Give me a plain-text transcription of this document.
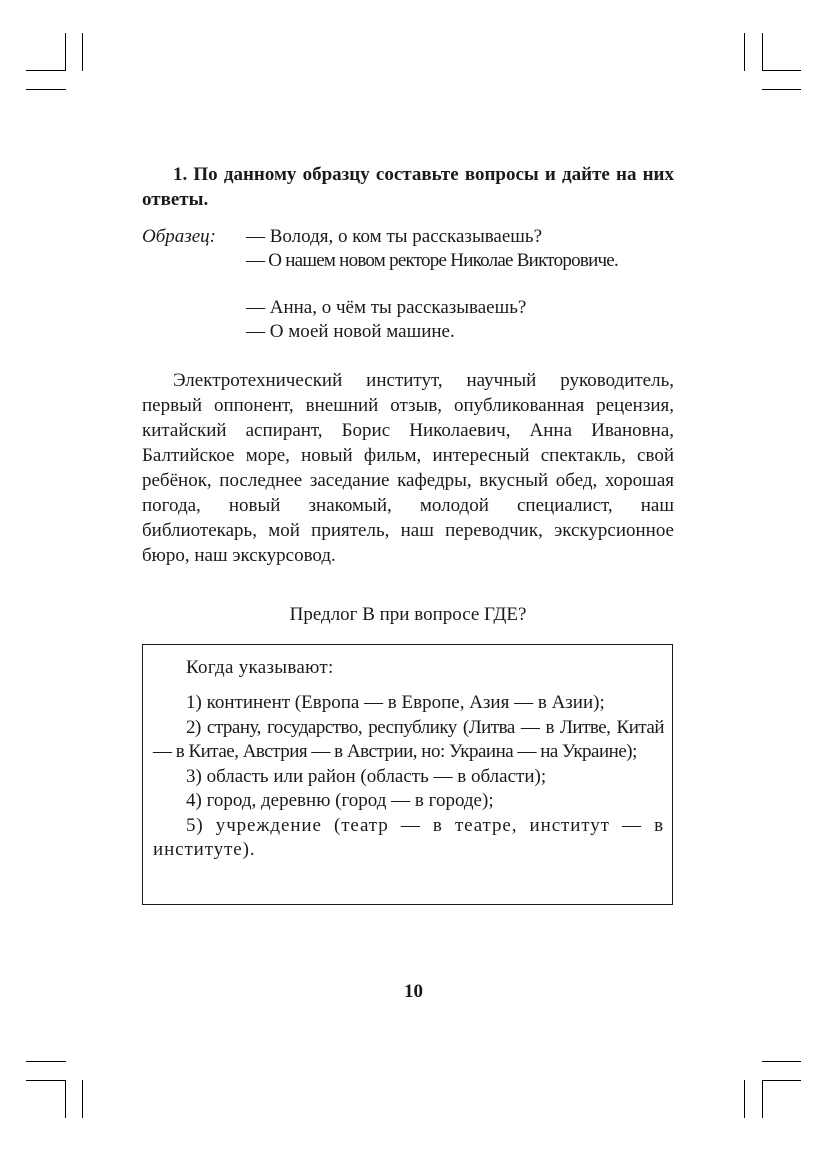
1. По данному образцу составьте вопросы и дайте на них ответы.

Образец: — Володя, о ком ты рассказываешь?
— О нашем новом ректоре Николае Викторовиче.
— Анна, о чём ты рассказываешь?
— О моей новой машине.

Электротехнический институт, научный руководитель, первый оппонент, внешний отзыв, опубликованная рецензия, китайский аспирант, Борис Николаевич, Анна Ивановна, Балтийское море, новый фильм, интересный спектакль, свой ребёнок, последнее заседание кафедры, вкусный обед, хорошая погода, новый знакомый, молодой специалист, наш библиотекарь, мой приятель, наш переводчик, экскурсионное бюро, наш экскурсовод.

Предлог В при вопросе ГДЕ?
Когда указывают:
1) континент (Европа — в Европе, Азия — в Азии);
2) страну, государство, республику (Литва — в Литве, Китай — в Китае, Австрия — в Австрии, но: Украина — на Украине);
3) область или район (область — в области);
4) город, деревню (город — в городе);
5) учреждение (театр — в театре, институт — в институте).
10
